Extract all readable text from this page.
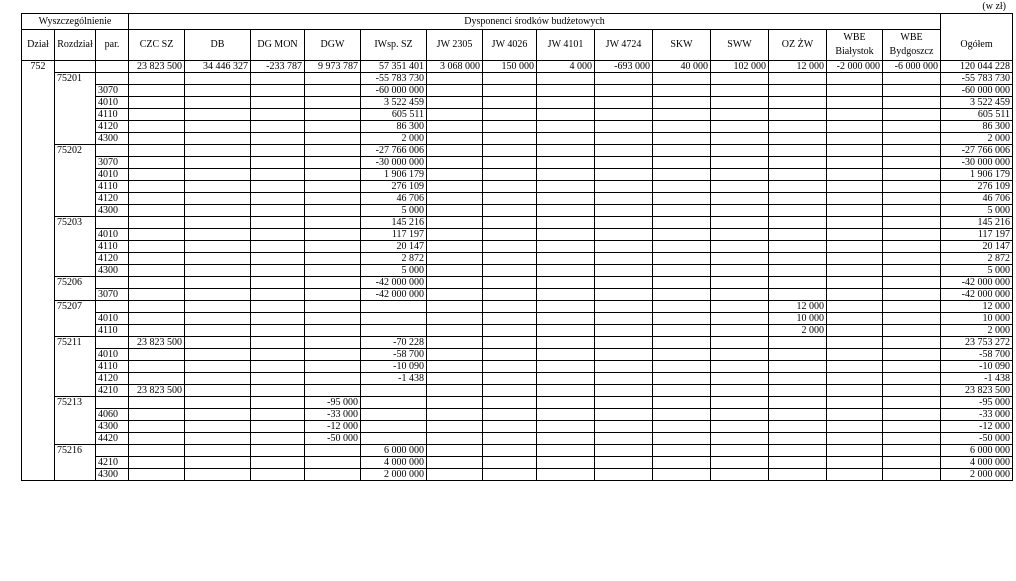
(w zł)
Wyszczególnienie			Dysponenci środków budżetowych														
Dział	Rozdział	par.	CZC SZ	DB	DG MON	DGW	IWsp. SZ	JW 2305	JW 4026	JW 4101	JW 4724	SKW	SWW	OZ ŻW	WBE Białystok	WBE Bydgoszcz	Ogółem
752			23 823 500	34 446 327	-233 787	9 973 787	57 351 401	3 068 000	150 000	4 000	-693 000	40 000	102 000	12 000	-2 000 000	-6 000 000	120 044 228
	75201						-55 783 730										-55 783 730
		3070					-60 000 000										-60 000 000
		4010					3 522 459										3 522 459
		4110					605 511										605 511
		4120					86 300										86 300
		4300					2 000										2 000
	75202						-27 766 006										-27 766 006
		3070					-30 000 000										-30 000 000
		4010					1 906 179										1 906 179
		4110					276 109										276 109
		4120					46 706										46 706
		4300					5 000										5 000
	75203						145 216										145 216
		4010					117 197										117 197
		4110					20 147										20 147
		4120					2 872										2 872
		4300					5 000										5 000
	75206						-42 000 000										-42 000 000
		3070					-42 000 000										-42 000 000
	75207													12 000			12 000
		4010												10 000			10 000
		4110												2 000			2 000
	75211		23 823 500				-70 228										23 753 272
		4010					-58 700										-58 700
		4110					-10 090										-10 090
		4120					-1 438										-1 438
		4210	23 823 500														23 823 500
	75213					-95 000											-95 000
		4060				-33 000											-33 000
		4300				-12 000											-12 000
		4420				-50 000											-50 000
	75216						6 000 000										6 000 000
		4210					4 000 000										4 000 000
		4300					2 000 000										2 000 000
